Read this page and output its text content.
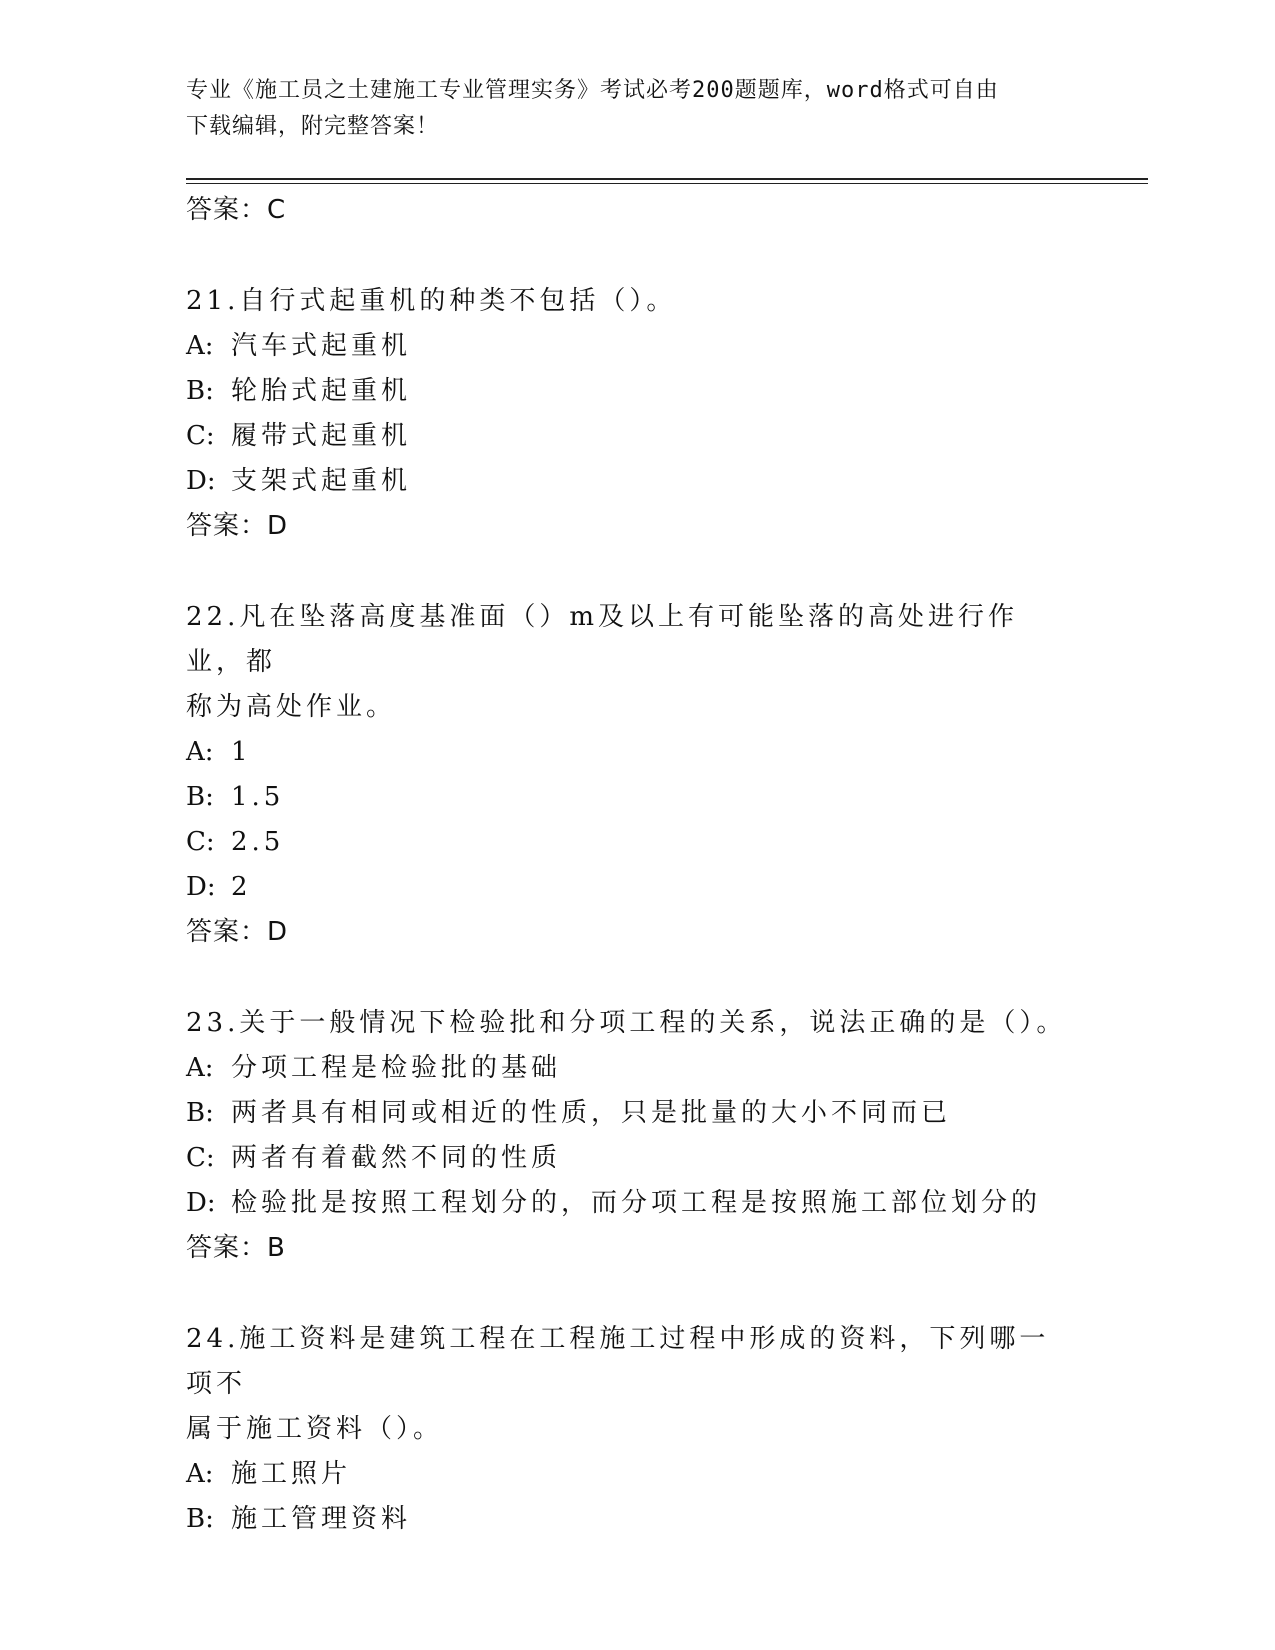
专业《施工员之土建施工专业管理实务》考试必考200题题库，word格式可自由
下载编辑，附完整答案！
答案：C
21.自行式起重机的种类不包括（）。
A: 汽车式起重机
B: 轮胎式起重机
C: 履带式起重机
D: 支架式起重机
答案：D
22.凡在坠落高度基准面（）m及以上有可能坠落的高处进行作业，都
称为高处作业。
A: 1
B: 1.5
C: 2.5
D: 2
答案：D
23.关于一般情况下检验批和分项工程的关系，说法正确的是（）。
A: 分项工程是检验批的基础
B: 两者具有相同或相近的性质，只是批量的大小不同而已
C: 两者有着截然不同的性质
D: 检验批是按照工程划分的，而分项工程是按照施工部位划分的
答案：B
24.施工资料是建筑工程在工程施工过程中形成的资料，下列哪一项不
属于施工资料（）。
A: 施工照片
B: 施工管理资料
